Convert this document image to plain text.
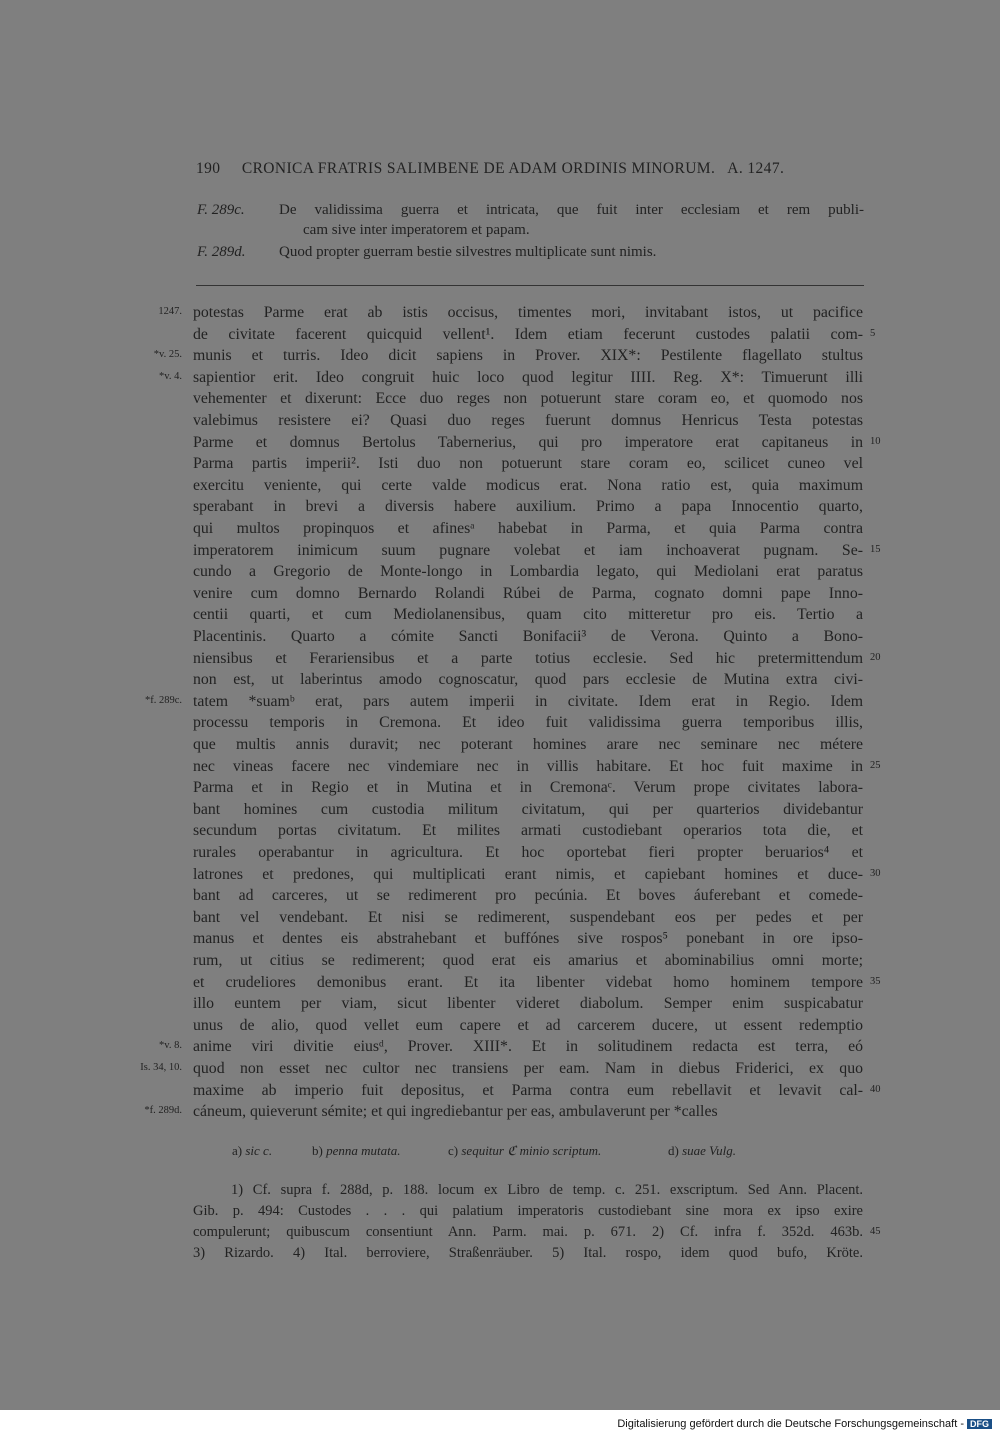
190 CRONICA FRATRIS SALIMBENE DE ADAM ORDINIS MINORUM. A. 1247.
F. 289c. De validissima guerra et intricata, que fuit inter ecclesiam et rem publi-
cam sive inter imperatorem et papam.
F. 289d. Quod propter guerram bestie silvestres multiplicate sunt nimis.
potestas Parme erat ab istis occisus, timentes mori, invitabant istos, ut pacifice
de civitate facerent quicquid vellent¹. Idem etiam fecerunt custodes palatii com-
munis et turris. Ideo dicit sapiens in Prover. XIX*: Pestilente flagellato stultus
sapientior erit. Ideo congruit huic loco quod legitur IIII. Reg. X*: Timuerunt illi
vehementer et dixerunt: Ecce duo reges non potuerunt stare coram eo, et quomodo nos
valebimus resistere ei? Quasi duo reges fuerunt domnus Henricus Testa potestas
Parme et domnus Bertolus Tabernerius, qui pro imperatore erat capitaneus in
Parma partis imperii². Isti duo non potuerunt stare coram eo, scilicet cuneo vel
exercitu veniente, qui certe valde modicus erat. Nona ratio est, quia maximum
sperabant in brevi a diversis habere auxilium. Primo a papa Innocentio quarto,
qui multos propinquos et afinesᵃ habebat in Parma, et quia Parma contra
imperatorem inimicum suum pugnare volebat et iam inchoaverat pugnam. Se-
cundo a Gregorio de Monte-longo in Lombardia legato, qui Mediolani erat paratus
venire cum domno Bernardo Rolandi Rúbei de Parma, cognato domni pape Inno-
centii quarti, et cum Mediolanensibus, quam cito mitteretur pro eis. Tertio a
Placentinis. Quarto a cómite Sancti Bonifacii³ de Verona. Quinto a Bono-
niensibus et Ferariensibus et a parte totius ecclesie. Sed hic pretermittendum
non est, ut laberintus amodo cognoscatur, quod pars ecclesie de Mutina extra civi-
tatem *suamᵇ erat, pars autem imperii in civitate. Idem erat in Regio. Idem
processu temporis in Cremona. Et ideo fuit validissima guerra temporibus illis,
que multis annis duravit; nec poterant homines arare nec seminare nec métere
nec vineas facere nec vindemiare nec in villis habitare. Et hoc fuit maxime in
Parma et in Regio et in Mutina et in Cremonaᶜ. Verum prope civitates labora-
bant homines cum custodia militum civitatum, qui per quarterios dividebantur
secundum portas civitatum. Et milites armati custodiebant operarios tota die, et
rurales operabantur in agricultura. Et hoc oportebat fieri propter beruarios⁴ et
latrones et predones, qui multiplicati erant nimis, et capiebant homines et duce-
bant ad carceres, ut se redimerent pro pecúnia. Et boves áuferebant et comede-
bant vel vendebant. Et nisi se redimerent, suspendebant eos per pedes et per
manus et dentes eis abstrahebant et buffónes sive rospos⁵ ponebant in ore ipso-
rum, ut citius se redimerent; quod erat eis amarius et abominabilius omni morte;
et crudeliores demonibus erant. Et ita libenter videbat homo hominem tempore
illo euntem per viam, sicut libenter videret diabolum. Semper enim suspicabatur
unus de alio, quod vellet eum capere et ad carcerem ducere, ut essent redemptio
anime viri divitie eiusᵈ, Prover. XIII*. Et in solitudinem redacta est terra, eó
quod non esset nec cultor nec transiens per eam. Nam in diebus Friderici, ex quo
maxime ab imperio fuit depositus, et Parma contra eum rebellavit et levavit cal-
cáneum, quieverunt sémite; et qui ingrediebantur per eas, ambulaverunt per *calles
1247.
*v. 25.
*v. 4.
*f. 289c.
*v. 8.
Is. 34, 10.
*f. 289d.
5
10
15
20
25
30
35
40
a) sic c.	b) penna mutata.	c) sequitur ℭ minio scriptum.	d) suae Vulg.
1) Cf. supra f. 288d, p. 188. locum ex Libro de temp. c. 251. exscriptum. Sed Ann. Placent.
Gib. p. 494: Custodes . . . qui palatium imperatoris custodiebant sine mora ex ipso exire
compulerunt; quibuscum consentiunt Ann. Parm. mai. p. 671. 2) Cf. infra f. 352d. 463b. 45
3) Rizardo. 4) Ital. berroviere, Straßenräuber. 5) Ital. rospo, idem quod bufo, Kröte.
Digitalisierung gefördert durch die Deutsche Forschungsgemeinschaft - DFG
